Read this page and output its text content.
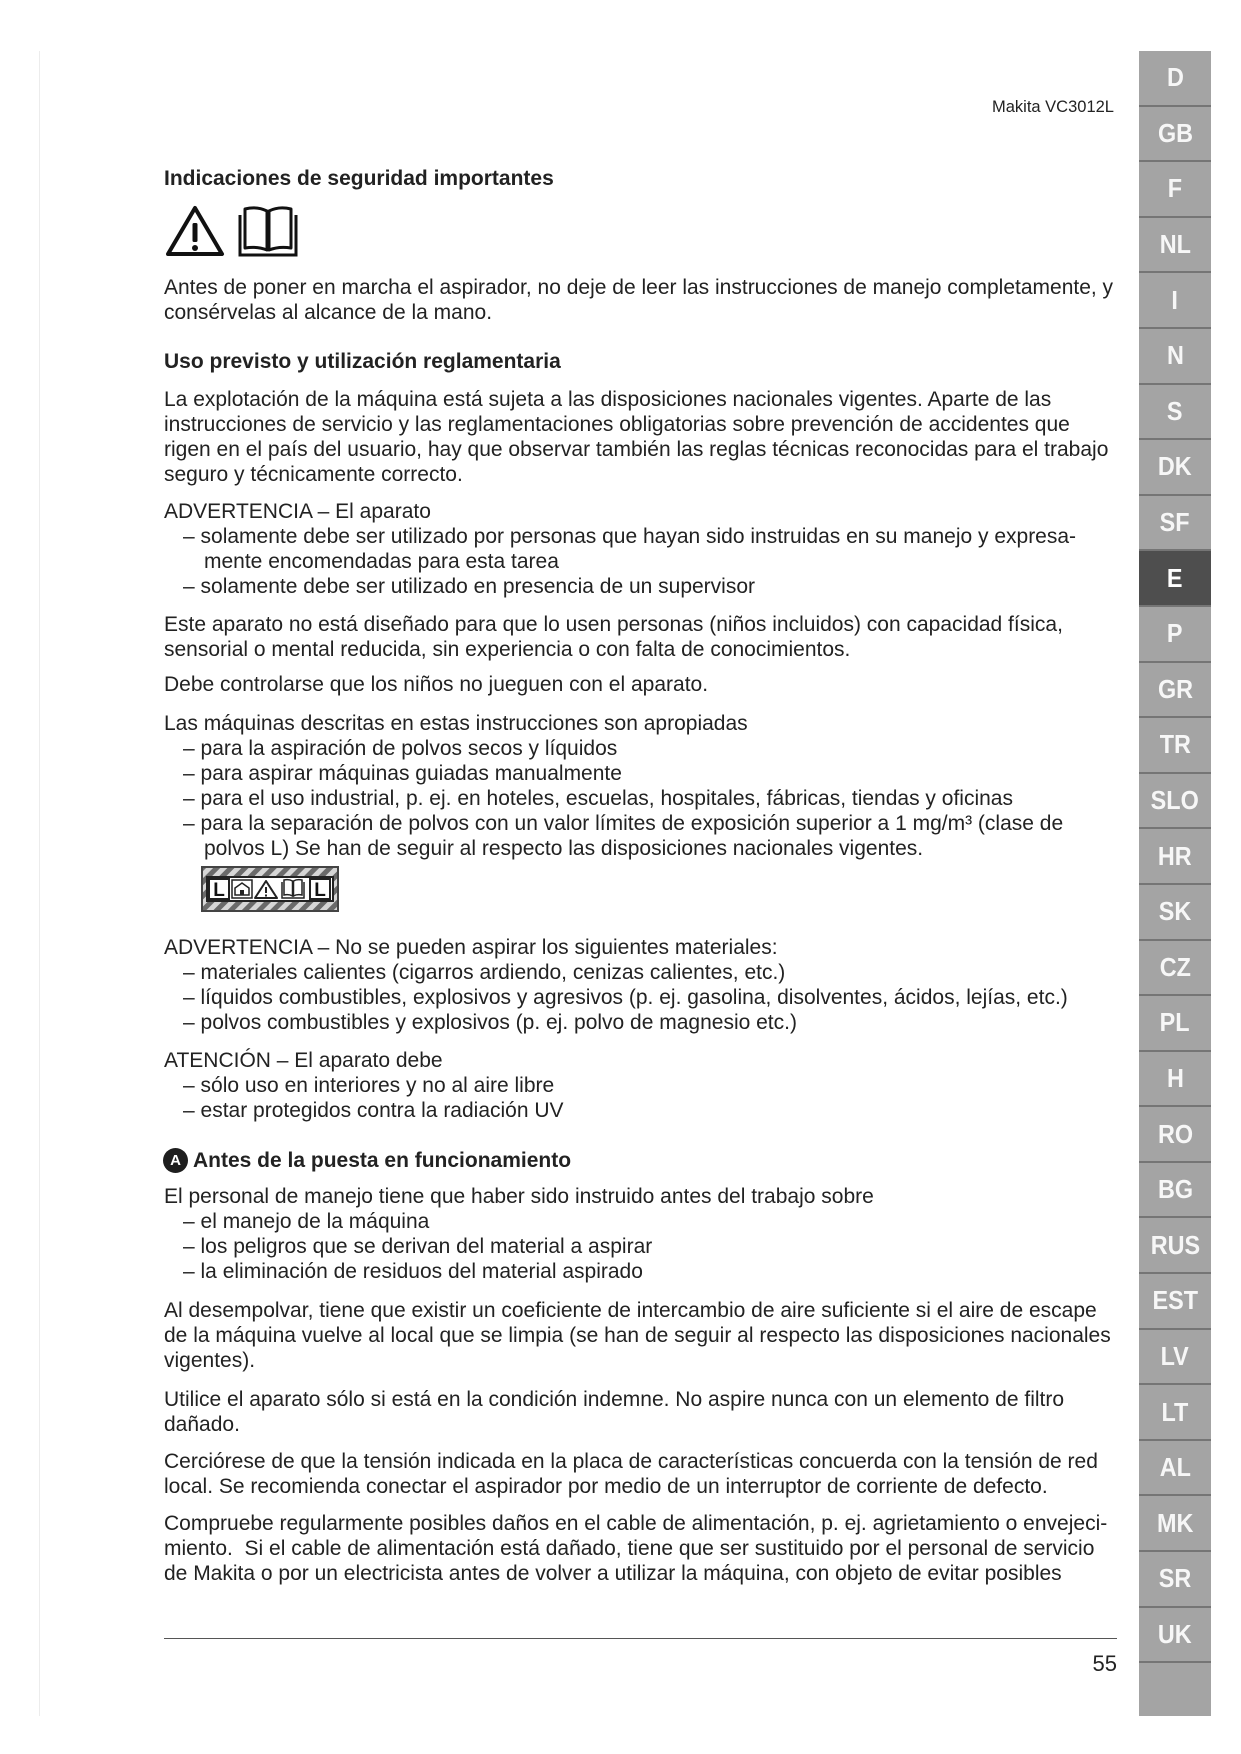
Makita VC3012L
Indicaciones de seguridad importantes
Antes de poner en marcha el aspirador, no deje de leer las instrucciones de manejo completamente, y
consérvelas al alcance de la mano.
Uso previsto y utilización reglamentaria
La explotación de la máquina está sujeta a las disposiciones nacionales vigentes. Aparte de las
instrucciones de servicio y las reglamentaciones obligatorias sobre prevención de accidentes que
rigen en el país del usuario, hay que observar también las reglas técnicas reconocidas para el trabajo
seguro y técnicamente correcto.
ADVERTENCIA – El aparato
– solamente debe ser utilizado por personas que hayan sido instruidas en su manejo y expresa-
mente encomendadas para esta tarea
– solamente debe ser utilizado en presencia de un supervisor
Este aparato no está diseñado para que lo usen personas (niños incluidos) con capacidad física,
sensorial o mental reducida, sin experiencia o con falta de conocimientos.
Debe controlarse que los niños no jueguen con el aparato.
Las máquinas descritas en estas instrucciones son apropiadas
– para la aspiración de polvos secos y líquidos
– para aspirar máquinas guiadas manualmente
– para el uso industrial, p. ej. en hoteles, escuelas, hospitales, fábricas, tiendas y oficinas
– para la separación de polvos con un valor límites de exposición superior a 1 mg/m³ (clase de
polvos L) Se han de seguir al respecto las disposiciones nacionales vigentes.
L	L
ADVERTENCIA – No se pueden aspirar los siguientes materiales:
– materiales calientes (cigarros ardiendo, cenizas calientes, etc.)
– líquidos combustibles, explosivos y agresivos (p. ej. gasolina, disolventes, ácidos, lejías, etc.)
– polvos combustibles y explosivos (p. ej. polvo de magnesio etc.)
ATENCIÓN – El aparato debe
– sólo uso en interiores y no al aire libre
– estar protegidos contra la radiación UV
A Antes de la puesta en funcionamiento
El personal de manejo tiene que haber sido instruido antes del trabajo sobre
– el manejo de la máquina
– los peligros que se derivan del material a aspirar
– la eliminación de residuos del material aspirado
Al desempolvar, tiene que existir un coeficiente de intercambio de aire suficiente si el aire de escape
de la máquina vuelve al local que se limpia (se han de seguir al respecto las disposiciones nacionales
vigentes).
Utilice el aparato sólo si está en la condición indemne. No aspire nunca con un elemento de filtro
dañado.
Cerciórese de que la tensión indicada en la placa de características concuerda con la tensión de red
local. Se recomienda conectar el aspirador por medio de un interruptor de corriente de defecto.
Compruebe regularmente posibles daños en el cable de alimentación, p. ej. agrietamiento o envejeci-
miento.  Si el cable de alimentación está dañado, tiene que ser sustituido por el personal de servicio
de Makita o por un electricista antes de volver a utilizar la máquina, con objeto de evitar posibles
55
D
GB
F
NL
I
N
S
DK
SF
E
P
GR
TR
SLO
HR
SK
CZ
PL
H
RO
BG
RUS
EST
LV
LT
AL
MK
SR
UK
